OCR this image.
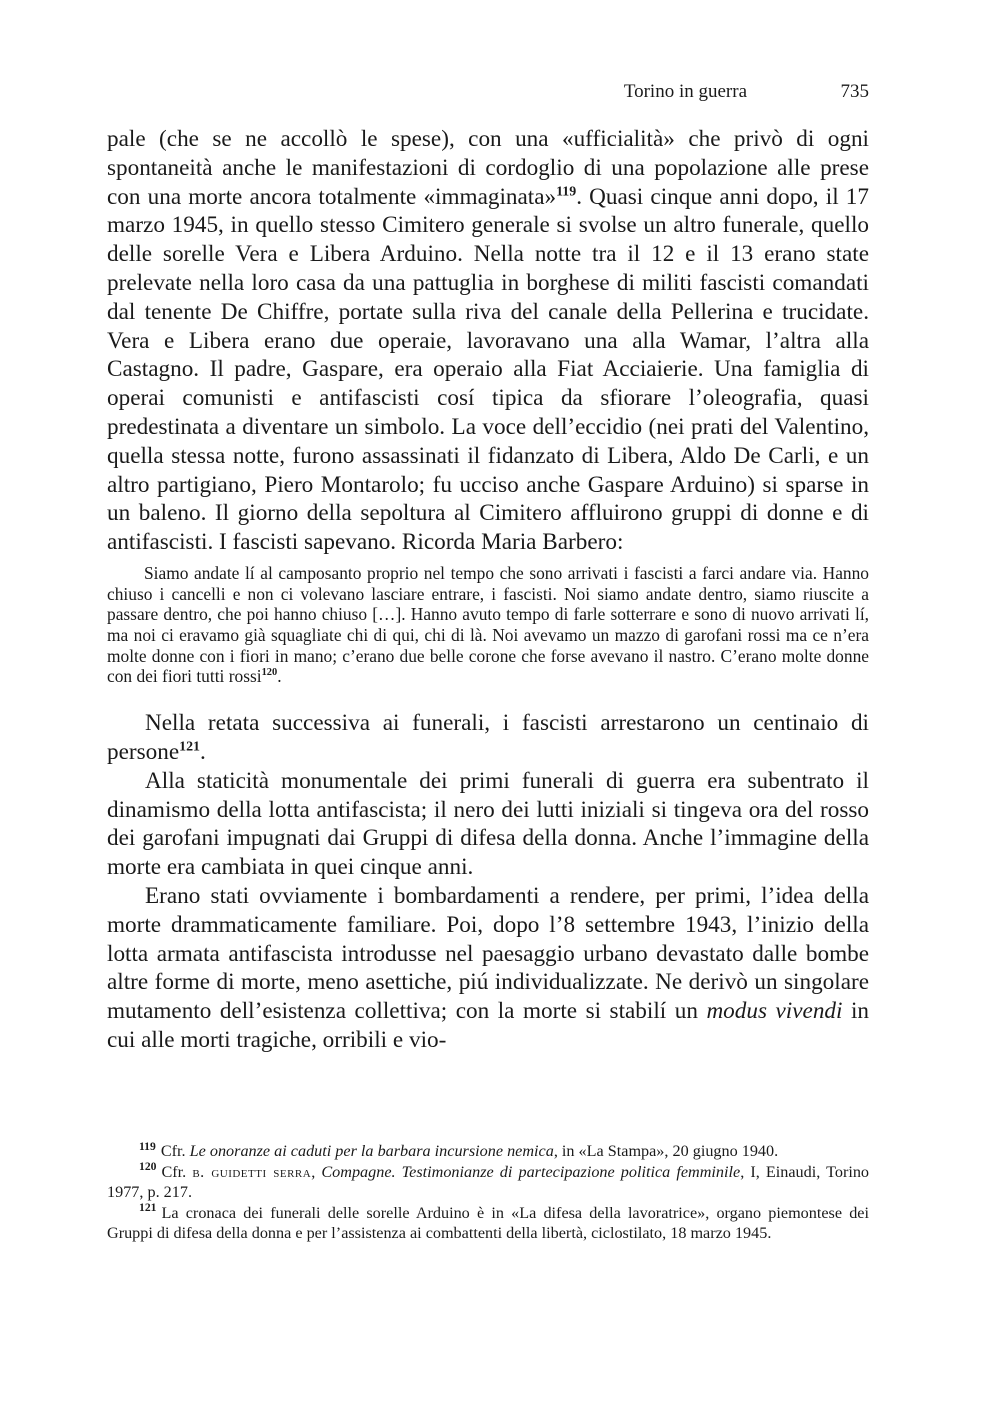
Torino in guerra	735

pale (che se ne accollò le spese), con una «ufficialità» che privò di ogni spontaneità anche le manifestazioni di cordoglio di una popolazione alle prese con una morte ancora totalmente «immaginata»$^{119}$. Quasi cinque anni dopo, il 17 marzo 1945, in quello stesso Cimitero generale si svolse un altro funerale, quello delle sorelle Vera e Libera Arduino. Nella notte tra il 12 e il 13 erano state prelevate nella loro casa da una pattuglia in borghese di militi fascisti comandati dal tenente De Chiffre, portate sulla riva del canale della Pellerina e trucidate. Vera e Libera erano due operaie, lavoravano una alla Wamar, l’altra alla Castagno. Il padre, Gaspare, era operaio alla Fiat Acciaierie. Una famiglia di operai comunisti e antifascisti cosí tipica da sfiorare l’oleografia, quasi predestinata a diventare un simbolo. La voce dell’eccidio (nei prati del Valentino, quella stessa notte, furono assassinati il fidanzato di Libera, Aldo De Carli, e un altro partigiano, Piero Montarolo; fu ucciso anche Gaspare Arduino) si sparse in un baleno. Il giorno della sepoltura al Cimitero affluirono gruppi di donne e di antifascisti. I fascisti sapevano. Ricorda Maria Barbero:

Siamo andate lí al camposanto proprio nel tempo che sono arrivati i fascisti a farci andare via. Hanno chiuso i cancelli e non ci volevano lasciare entrare, i fascisti. Noi siamo andate dentro, siamo riuscite a passare dentro, che poi hanno chiuso […]. Hanno avuto tempo di farle sotterrare e sono di nuovo arrivati lí, ma noi ci eravamo già squagliate chi di qui, chi di là. Noi avevamo un mazzo di garofani rossi ma ce n’era molte donne con i fiori in mano; c’erano due belle corone che forse avevano il nastro. C’erano molte donne con dei fiori tutti rossi$^{120}$.

Nella retata successiva ai funerali, i fascisti arrestarono un centinaio di persone$^{121}$.

Alla staticità monumentale dei primi funerali di guerra era subentrato il dinamismo della lotta antifascista; il nero dei lutti iniziali si tingeva ora del rosso dei garofani impugnati dai Gruppi di difesa della donna. Anche l’immagine della morte era cambiata in quei cinque anni.

Erano stati ovviamente i bombardamenti a rendere, per primi, l’idea della morte drammaticamente familiare. Poi, dopo l’8 settembre 1943, l’inizio della lotta armata antifascista introdusse nel paesaggio urbano devastato dalle bombe altre forme di morte, meno asettiche, piú individualizzate. Ne derivò un singolare mutamento dell’esistenza collettiva; con la morte si stabilí un modus vivendi in cui alle morti tragiche, orribili e vio-

$^{119}$ Cfr. Le onoranze ai caduti per la barbara incursione nemica, in «La Stampa», 20 giugno 1940.

$^{120}$ Cfr. b. guidetti serra, Compagne. Testimonianze di partecipazione politica femminile, I, Einaudi, Torino 1977, p. 217.

$^{121}$ La cronaca dei funerali delle sorelle Arduino è in «La difesa della lavoratrice», organo piemontese dei Gruppi di difesa della donna e per l’assistenza ai combattenti della libertà, ciclostilato, 18 marzo 1945.
